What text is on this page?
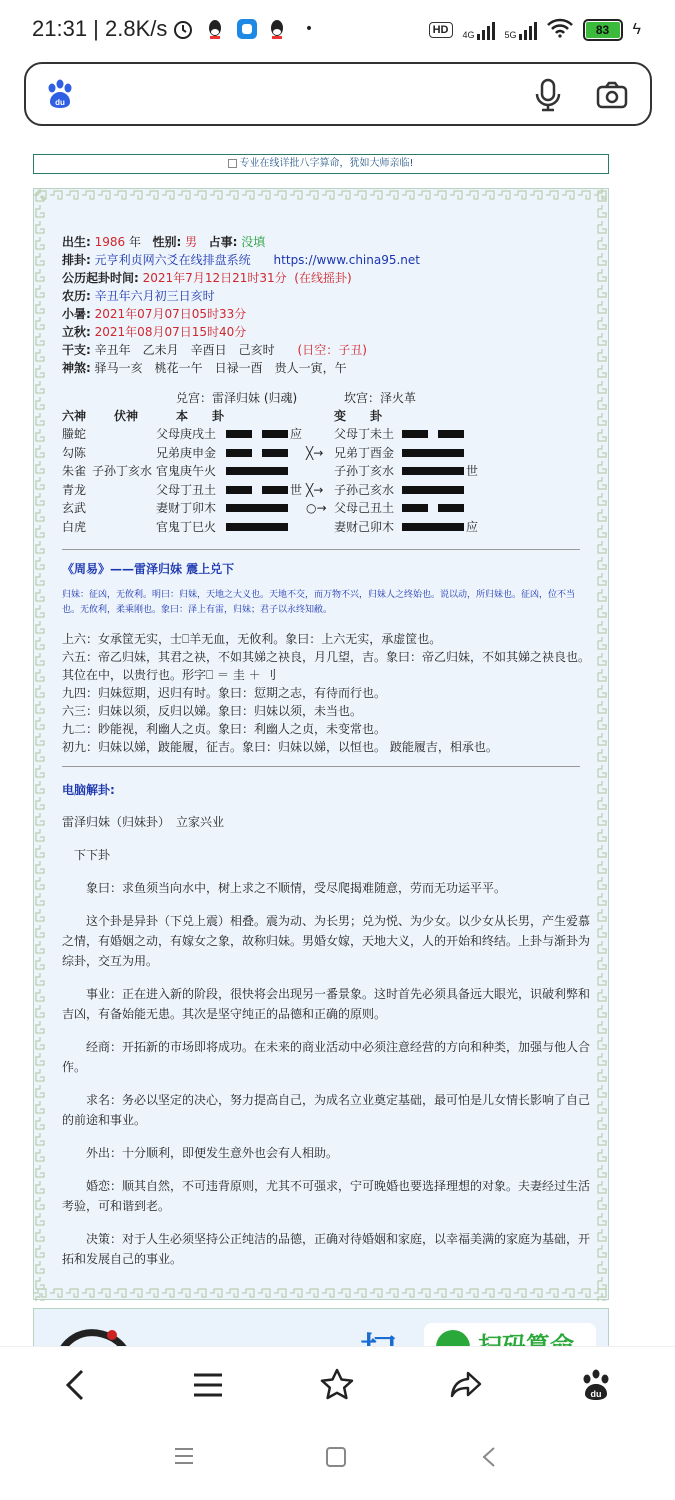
21:31 | 2.8K/s	•	HD	4G	5G	83	ϟ
du
专业在线详批八字算命，犹如大师亲临!
出生: 1986 年 性别: 男 占事: 没填
排卦: 元亨利贞网六爻在线排盘系统 https://www.china95.net
公历起卦时间: 2021年7月12日21时31分 (在线摇卦)
农历: 辛丑年六月初三日亥时
小暑: 2021年07月07日05时33分
立秋: 2021年08月07日15时40分
干支: 辛丑年　乙未月　辛酉日　己亥时 (日空：子丑)
神煞: 驿马一亥　桃花一午　日禄一酉　贵人一寅，午
兑宫：雷泽归妹 (归魂)	坎宫：泽火革
六神 伏神	本　　卦	变　　卦
螣蛇	父母庚戌土	应	父母丁未土
勾陈	兄弟庚申金	╳→ 兄弟丁酉金
朱雀 子孙丁亥水 官鬼庚午火	子孙丁亥水	世
青龙	父母丁丑土	世 ╳→ 子孙己亥水
玄武	妻财丁卯木	○→ 父母己丑土
白虎	官鬼丁巳火	妻财己卯木	应
《周易》——雷泽归妹 震上兑下
归妹：征凶，无攸利。明曰：归妹，天地之大义也。天地不交，而万物不兴，归妹人之终始也。说以动，所归妹也。征凶，位不当也。无攸利，柔乘刚也。象曰：泽上有雷，归妹；君子以永终知敝。
上六：女承筐无实，士⎕羊无血，无攸利。象曰：上六无实，承虚筐也。
六五：帝乙归妹，其君之袂，不如其娣之袂良，月几望，吉。象曰：帝乙归妹，不如其娣之袂良也。 其位在中，以贵行也。形字⎕ ＝ 圭 ＋ 刂
九四：归妹愆期，迟归有时。象曰：愆期之志，有待而行也。
六三：归妹以须，反归以娣。象曰：归妹以须，未当也。
九二：眇能视，利幽人之贞。象曰：利幽人之贞，未变常也。
初九：归妹以娣，跛能履，征吉。象曰：归妹以娣，以恒也。 跛能履吉，相承也。
电脑解卦:
雷泽归妹（归妹卦）　立家兴业
　下下卦
象曰：求鱼须当向水中，树上求之不顺情，受尽爬揭难随意，劳而无功运平平。
这个卦是异卦（下兑上震）相叠。震为动、为长男；兑为悦、为少女。以少女从长男，产生爱慕之情，有婚姻之动，有嫁女之象，故称归妹。男婚女嫁，天地大义，人的开始和终结。上卦与渐卦为综卦，交互为用。
事业：正在进入新的阶段，很快将会出现另一番景象。这时首先必须具备远大眼光，识破利弊和吉凶，有备始能无患。其次是坚守纯正的品德和正确的原则。
经商：开拓新的市场即将成功。在未来的商业活动中必须注意经营的方向和种类，加强与他人合作。
求名：务必以坚定的决心，努力提高自己，为成名立业奠定基础，最可怕是儿女情长影响了自己的前途和事业。
外出：十分顺利，即便发生意外也会有人相助。
婚恋：顺其自然，不可违背原则，尤其不可强求，宁可晚婚也要选择理想的对象。夫妻经过生活考验，可和谐到老。
决策：对于人生必须坚持公正纯洁的品德，正确对待婚姻和家庭，以幸福美满的家庭为基础，开拓和发展自己的事业。
du
